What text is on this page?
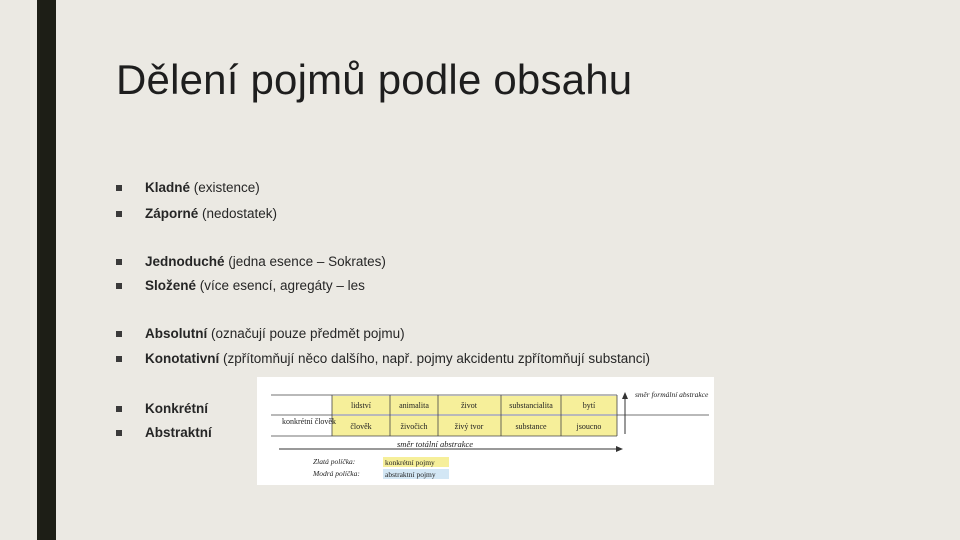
Dělení pojmů podle obsahu
Kladné (existence)
Záporné (nedostatek)
Jednoduché (jedna esence – Sokrates)
Složené (více esencí, agregáty – les
Absolutní (označují pouze předmět pojmu)
Konotativní (zpřítomňují něco dalšího, např. pojmy akcidentu zpřítomňují substanci)
Konkrétní
Abstraktní
lidství	animalita	život	substancialita	bytí
člověk	živočich	živý tvor	substance	jsoucno
konkrétní člověk
směr formální abstrakce
směr totální abstrakce
Zlatá políčka:	konkrétní pojmy
Modrá políčka:	abstraktní pojmy
